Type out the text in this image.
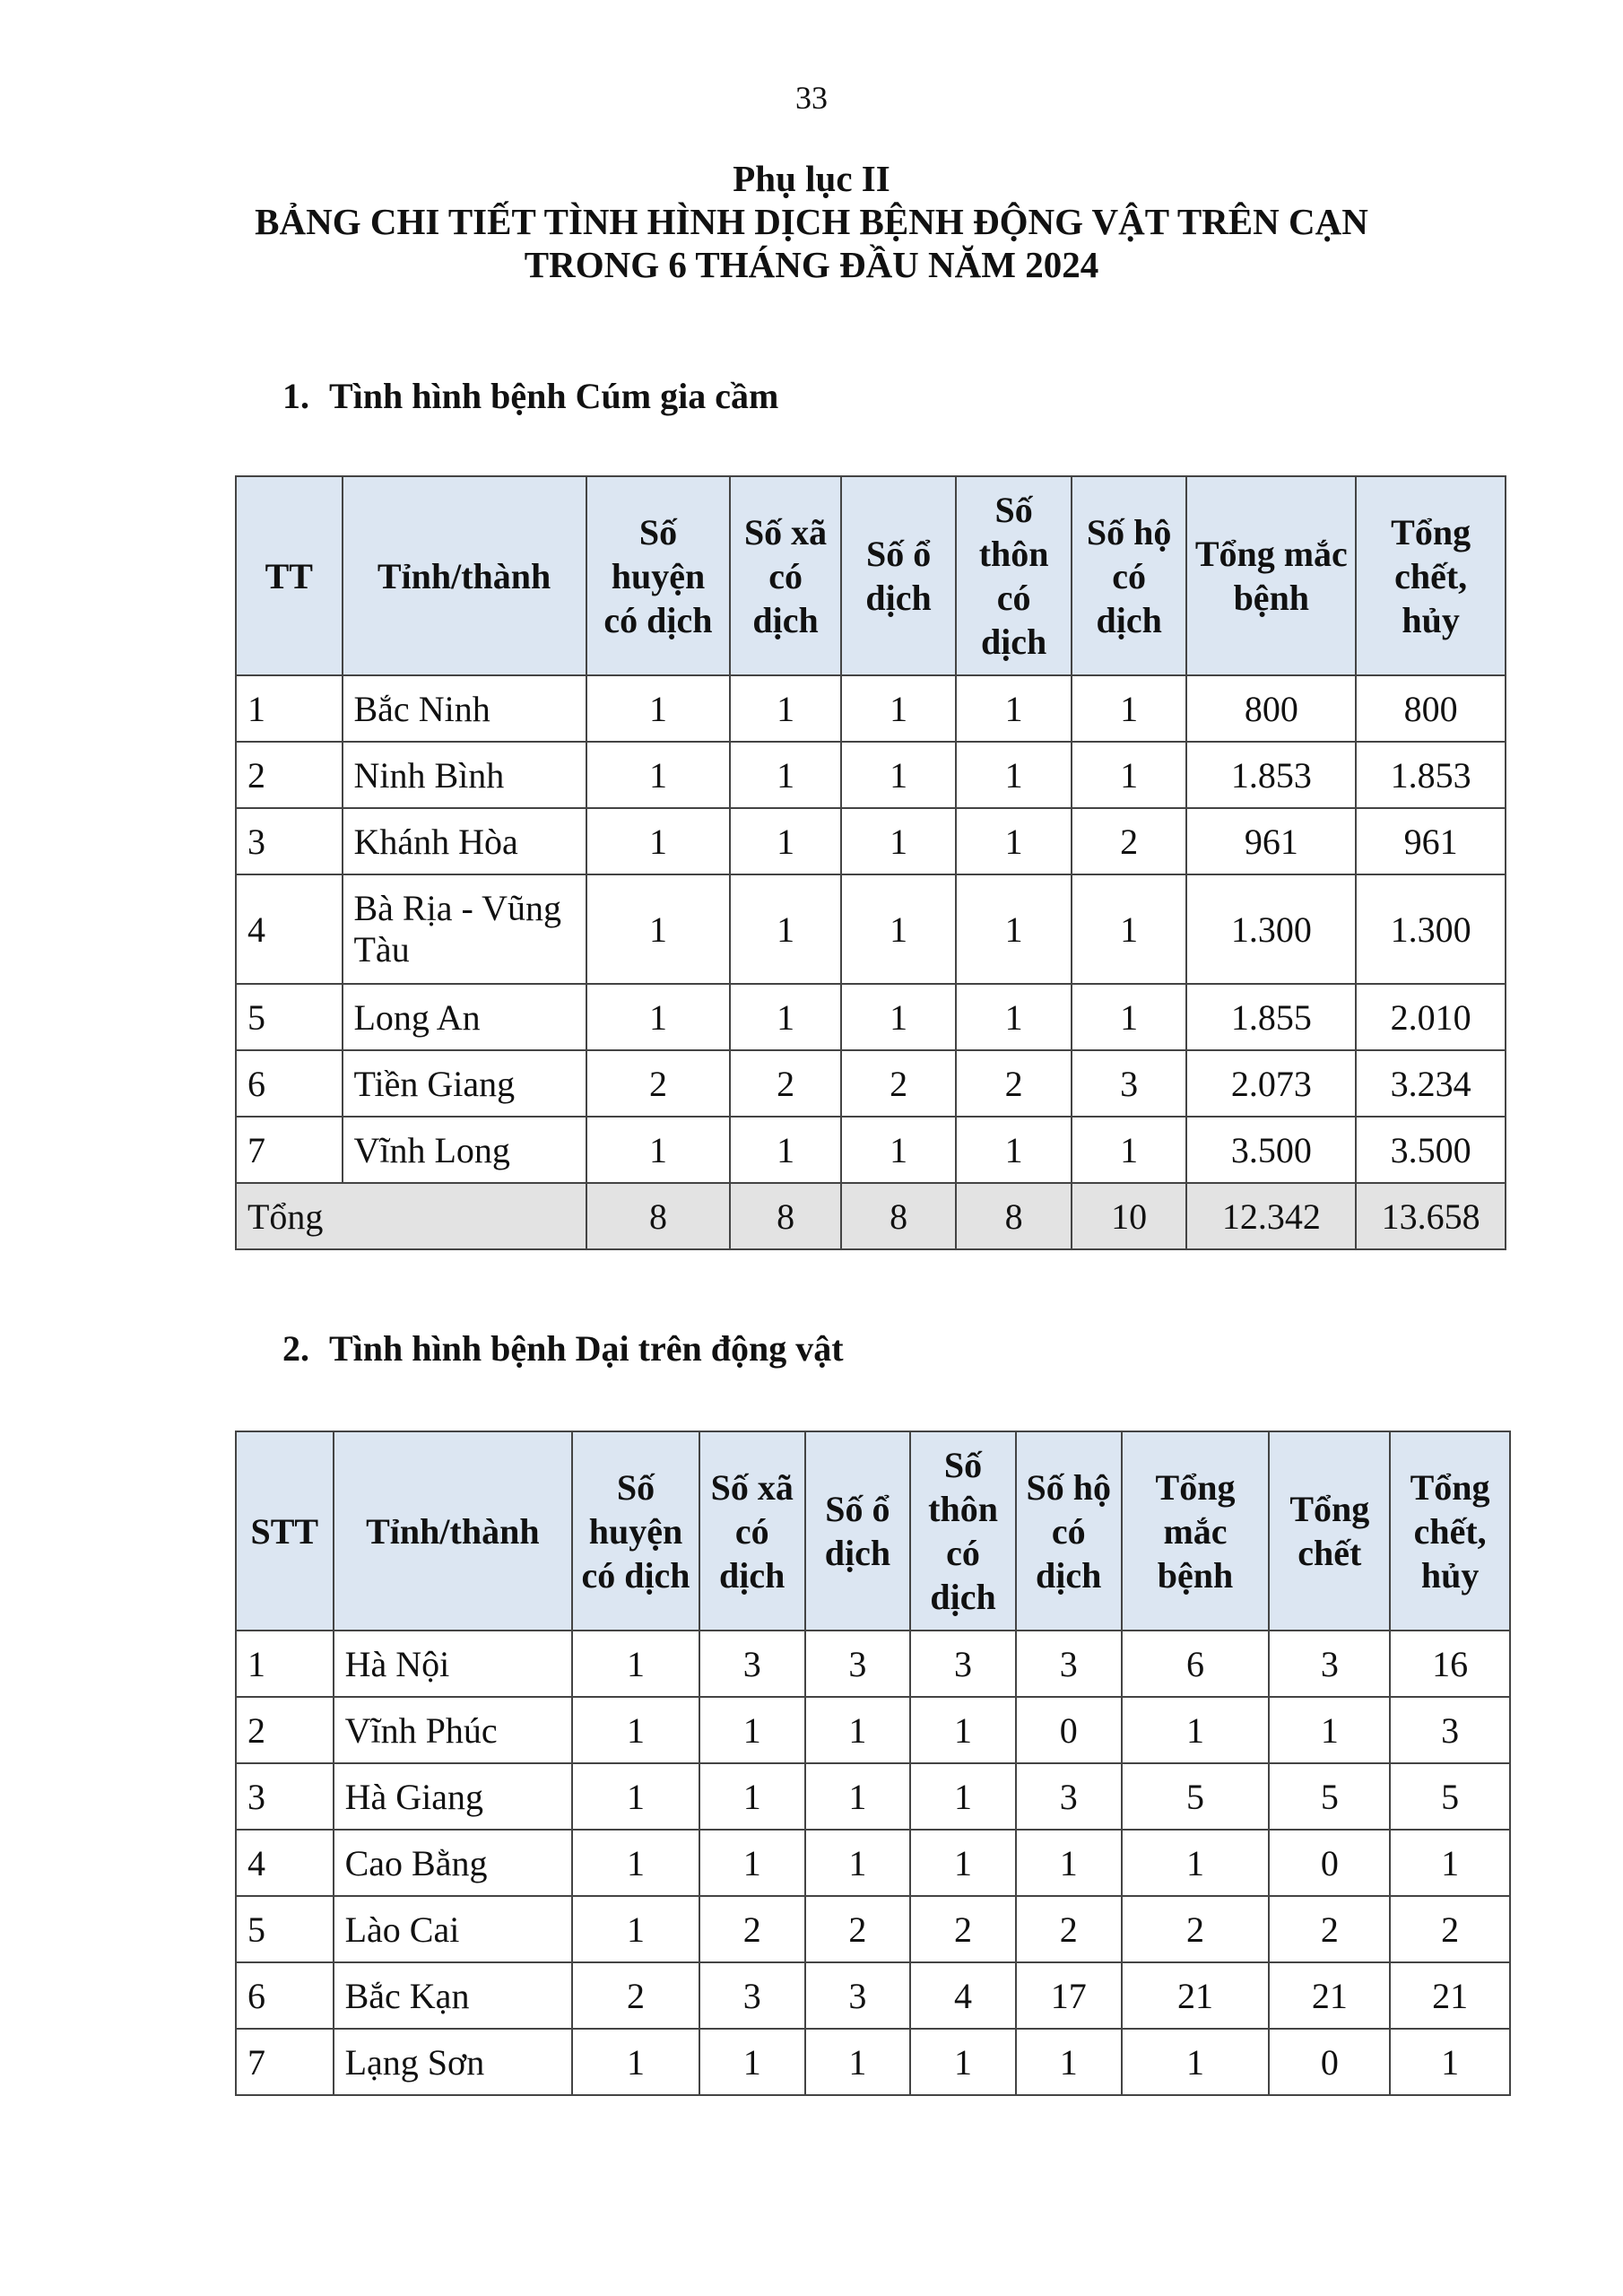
33
Phụ lục II
BẢNG CHI TIẾT TÌNH HÌNH DỊCH BỆNH ĐỘNG VẬT TRÊN CẠN
TRONG 6 THÁNG ĐẦU NĂM 2024
1. Tình hình bệnh Cúm gia cầm
TT	Tỉnh/thành	Số huyện có dịch	Số xã có dịch	Số ổ dịch	Số thôn có dịch	Số hộ có dịch	Tổng mắc bệnh	Tổng chết, hủy
1	Bắc Ninh	1	1	1	1	1	800	800
2	Ninh Bình	1	1	1	1	1	1.853	1.853
3	Khánh Hòa	1	1	1	1	2	961	961
4	Bà Rịa - Vũng Tàu	1	1	1	1	1	1.300	1.300
5	Long An	1	1	1	1	1	1.855	2.010
6	Tiền Giang	2	2	2	2	3	2.073	3.234
7	Vĩnh Long	1	1	1	1	1	3.500	3.500
Tổng		8	8	8	8	10	12.342	13.658
2. Tình hình bệnh Dại trên động vật
STT	Tỉnh/thành	Số huyện có dịch	Số xã có dịch	Số ổ dịch	Số thôn có dịch	Số hộ có dịch	Tổng mắc bệnh	Tổng chết	Tổng chết, hủy
1	Hà Nội	1	3	3	3	3	6	3	16
2	Vĩnh Phúc	1	1	1	1	0	1	1	3
3	Hà Giang	1	1	1	1	3	5	5	5
4	Cao Bằng	1	1	1	1	1	1	0	1
5	Lào Cai	1	2	2	2	2	2	2	2
6	Bắc Kạn	2	3	3	4	17	21	21	21
7	Lạng Sơn	1	1	1	1	1	1	0	1
